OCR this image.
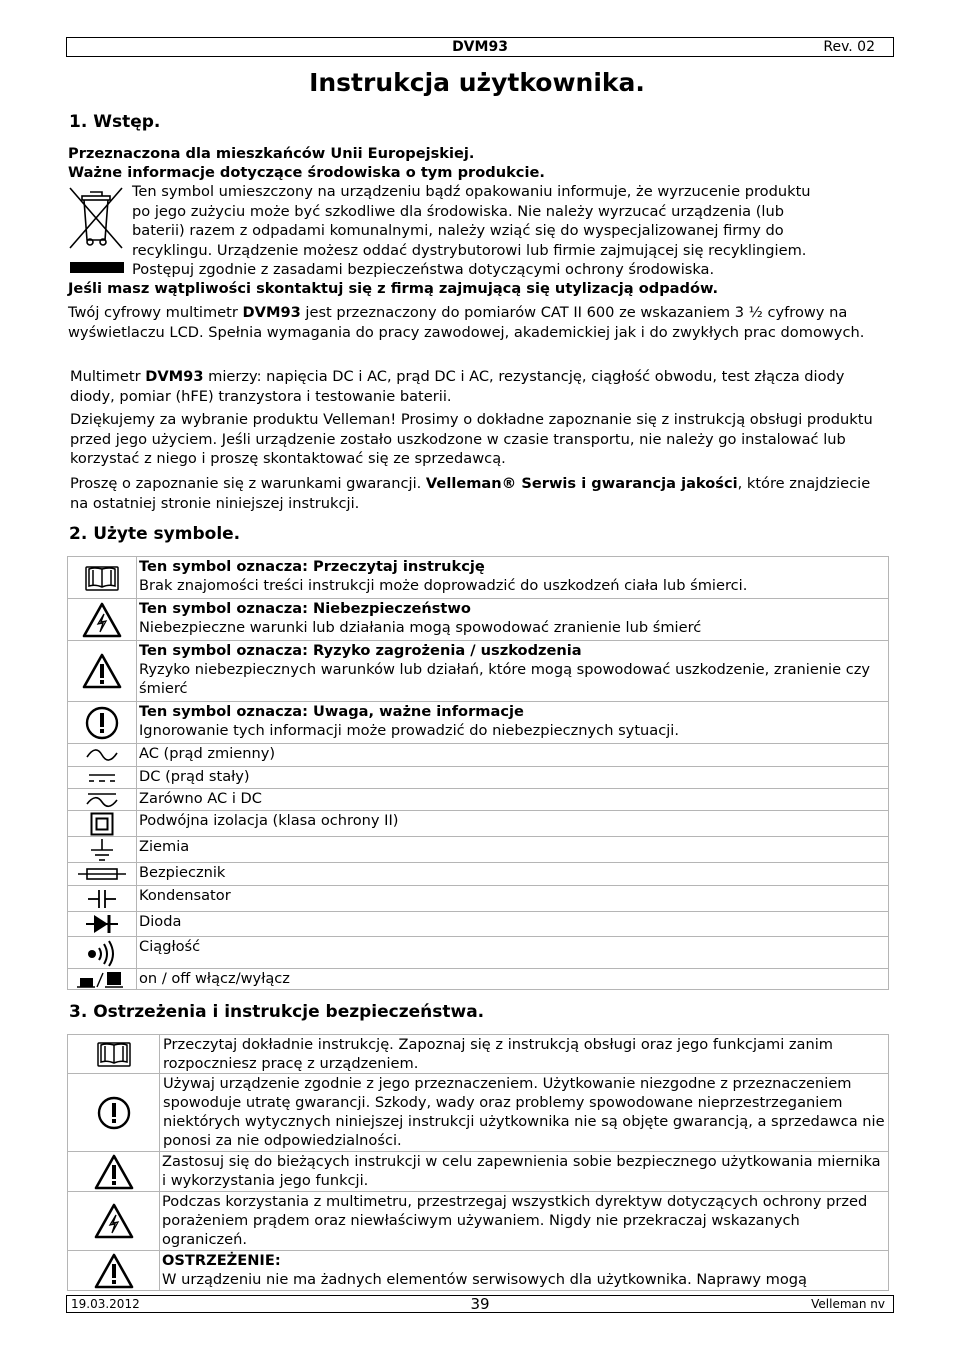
DVM93	Rev. 02
Instrukcja użytkownika.
1. Wstęp.
Przeznaczona dla mieszkańców Unii Europejskiej.
Ważne informacje dotyczące środowiska o tym produkcie.
Ten symbol umieszczony na urządzeniu bądź opakowaniu informuje, że wyrzucenie produktu
po jego zużyciu może być szkodliwe dla środowiska. Nie należy wyrzucać urządzenia (lub
baterii) razem z odpadami komunalnymi, należy wziąć się do wyspecjalizowanej firmy do
recyklingu. Urządzenie możesz oddać dystrybutorowi lub firmie zajmującej się recyklingiem.
Postępuj zgodnie z zasadami bezpieczeństwa dotyczącymi ochrony środowiska.
Jeśli masz wątpliwości skontaktuj się z firmą zajmującą się utylizacją odpadów.
Twój cyfrowy multimetr DVM93 jest przeznaczony do pomiarów CAT II 600 ze wskazaniem 3 ½ cyfrowy na wyświetlaczu LCD. Spełnia wymagania do pracy zawodowej, akademickiej jak i do zwykłych prac domowych.
Multimetr DVM93 mierzy: napięcia DC i AC, prąd DC i AC, rezystancję, ciągłość obwodu, test złącza diody diody, pomiar (hFE) tranzystora i testowanie baterii.
Dziękujemy za wybranie produktu Velleman! Prosimy o dokładne zapoznanie się z instrukcją obsługi produktu przed jego użyciem. Jeśli urządzenie zostało uszkodzone w czasie transportu, nie należy go instalować lub korzystać z niego i proszę skontaktować się ze sprzedawcą.
Proszę o zapoznanie się z warunkami gwarancji. Velleman® Serwis i gwarancja jakości, które znajdziecie na ostatniej stronie niniejszej instrukcji.
2. Użyte symbole.

Ten symbol oznacza: Przeczytaj instrukcję
Brak znajomości treści instrukcji może doprowadzić do uszkodzeń ciała lub śmierci.

Ten symbol oznacza: Niebezpieczeństwo
Niebezpieczne warunki lub działania mogą spowodować zranienie lub śmierć

Ten symbol oznacza: Ryzyko zagrożenia / uszkodzenia
Ryzyko niebezpiecznych warunków lub działań, które mogą spowodować uszkodzenie, zranienie czy śmierć

Ten symbol oznacza: Uwaga, ważne informacje
Ignorowanie tych informacji może prowadzić do niebezpiecznych sytuacji.

	AC (prąd zmienny)

	DC (prąd stały)

	Zarówno AC i DC

	Podwójna izolacja (klasa ochrony II)

	Ziemia

	Bezpiecznik

	Kondensator

	Dioda

	Ciągłość

	on / off włącz/wyłącz
3. Ostrzeżenia i instrukcje bezpieczeństwa.
	Przeczytaj dokładnie instrukcję. Zapoznaj się z instrukcją obsługi oraz jego funkcjami zanim rozpoczniesz pracę z urządzeniem.

	Używaj urządzenie zgodnie z jego przeznaczeniem. Użytkowanie niezgodne z przeznaczeniem spowoduje utratę gwarancji. Szkody, wady oraz problemy spowodowane nieprzestrzeganiem niektórych wytycznych niniejszej instrukcji użytkownika nie są objęte gwarancją, a sprzedawca nie ponosi za nie odpowiedzialności.

	Zastosuj się do bieżących instrukcji w celu zapewnienia sobie bezpiecznego użytkowania miernika i wykorzystania jego funkcji.

	Podczas korzystania z multimetru, przestrzegaj wszystkich dyrektyw dotyczących ochrony przed porażeniem prądem oraz niewłaściwym używaniem. Nigdy nie przekraczaj wskazanych ograniczeń.

OSTRZEŻENIE:
W urządzeniu nie ma żadnych elementów serwisowych dla użytkownika. Naprawy mogą
19.03.2012	39	Velleman nv
